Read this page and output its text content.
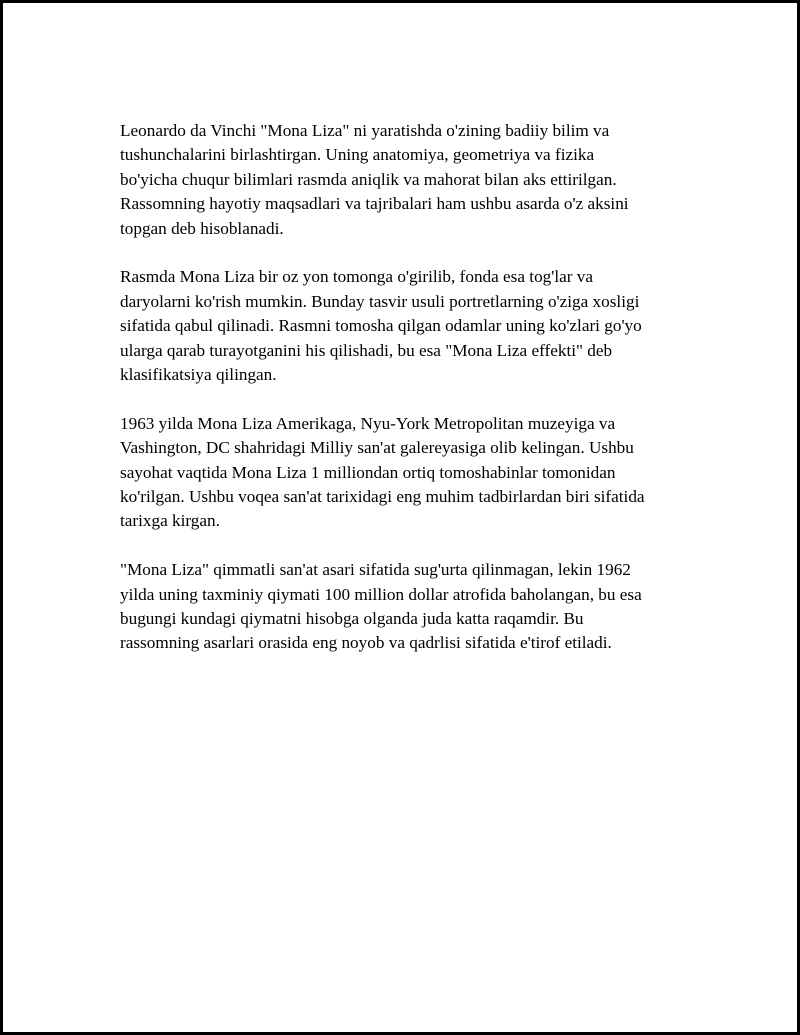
Leonardo da Vinchi "Mona Liza" ni yaratishda o'zining badiiy bilim va
tushunchalarini birlashtirgan. Uning anatomiya, geometriya va fizika
bo'yicha chuqur bilimlari rasmda aniqlik va mahorat bilan aks ettirilgan.
Rassomning hayotiy maqsadlari va tajribalari ham ushbu asarda o'z aksini
topgan deb hisoblanadi.

Rasmda Mona Liza bir oz yon tomonga o'girilib, fonda esa tog'lar va
daryolarni ko'rish mumkin. Bunday tasvir usuli portretlarning o'ziga xosligi
sifatida qabul qilinadi. Rasmni tomosha qilgan odamlar uning ko'zlari go'yo
ularga qarab turayotganini his qilishadi, bu esa "Mona Liza effekti" deb
klasifikatsiya qilingan.

1963 yilda Mona Liza Amerikaga, Nyu-York Metropolitan muzeyiga va
Vashington, DC shahridagi Milliy san'at galereyasiga olib kelingan. Ushbu
sayohat vaqtida Mona Liza 1 milliondan ortiq tomoshabinlar tomonidan
ko'rilgan. Ushbu voqea san'at tarixidagi eng muhim tadbirlardan biri sifatida
tarixga kirgan.

"Mona Liza" qimmatli san'at asari sifatida sug'urta qilinmagan, lekin 1962
yilda uning taxminiy qiymati 100 million dollar atrofida baholangan, bu esa
bugungi kundagi qiymatni hisobga olganda juda katta raqamdir. Bu
rassomning asarlari orasida eng noyob va qadrlisi sifatida e'tirof etiladi.
